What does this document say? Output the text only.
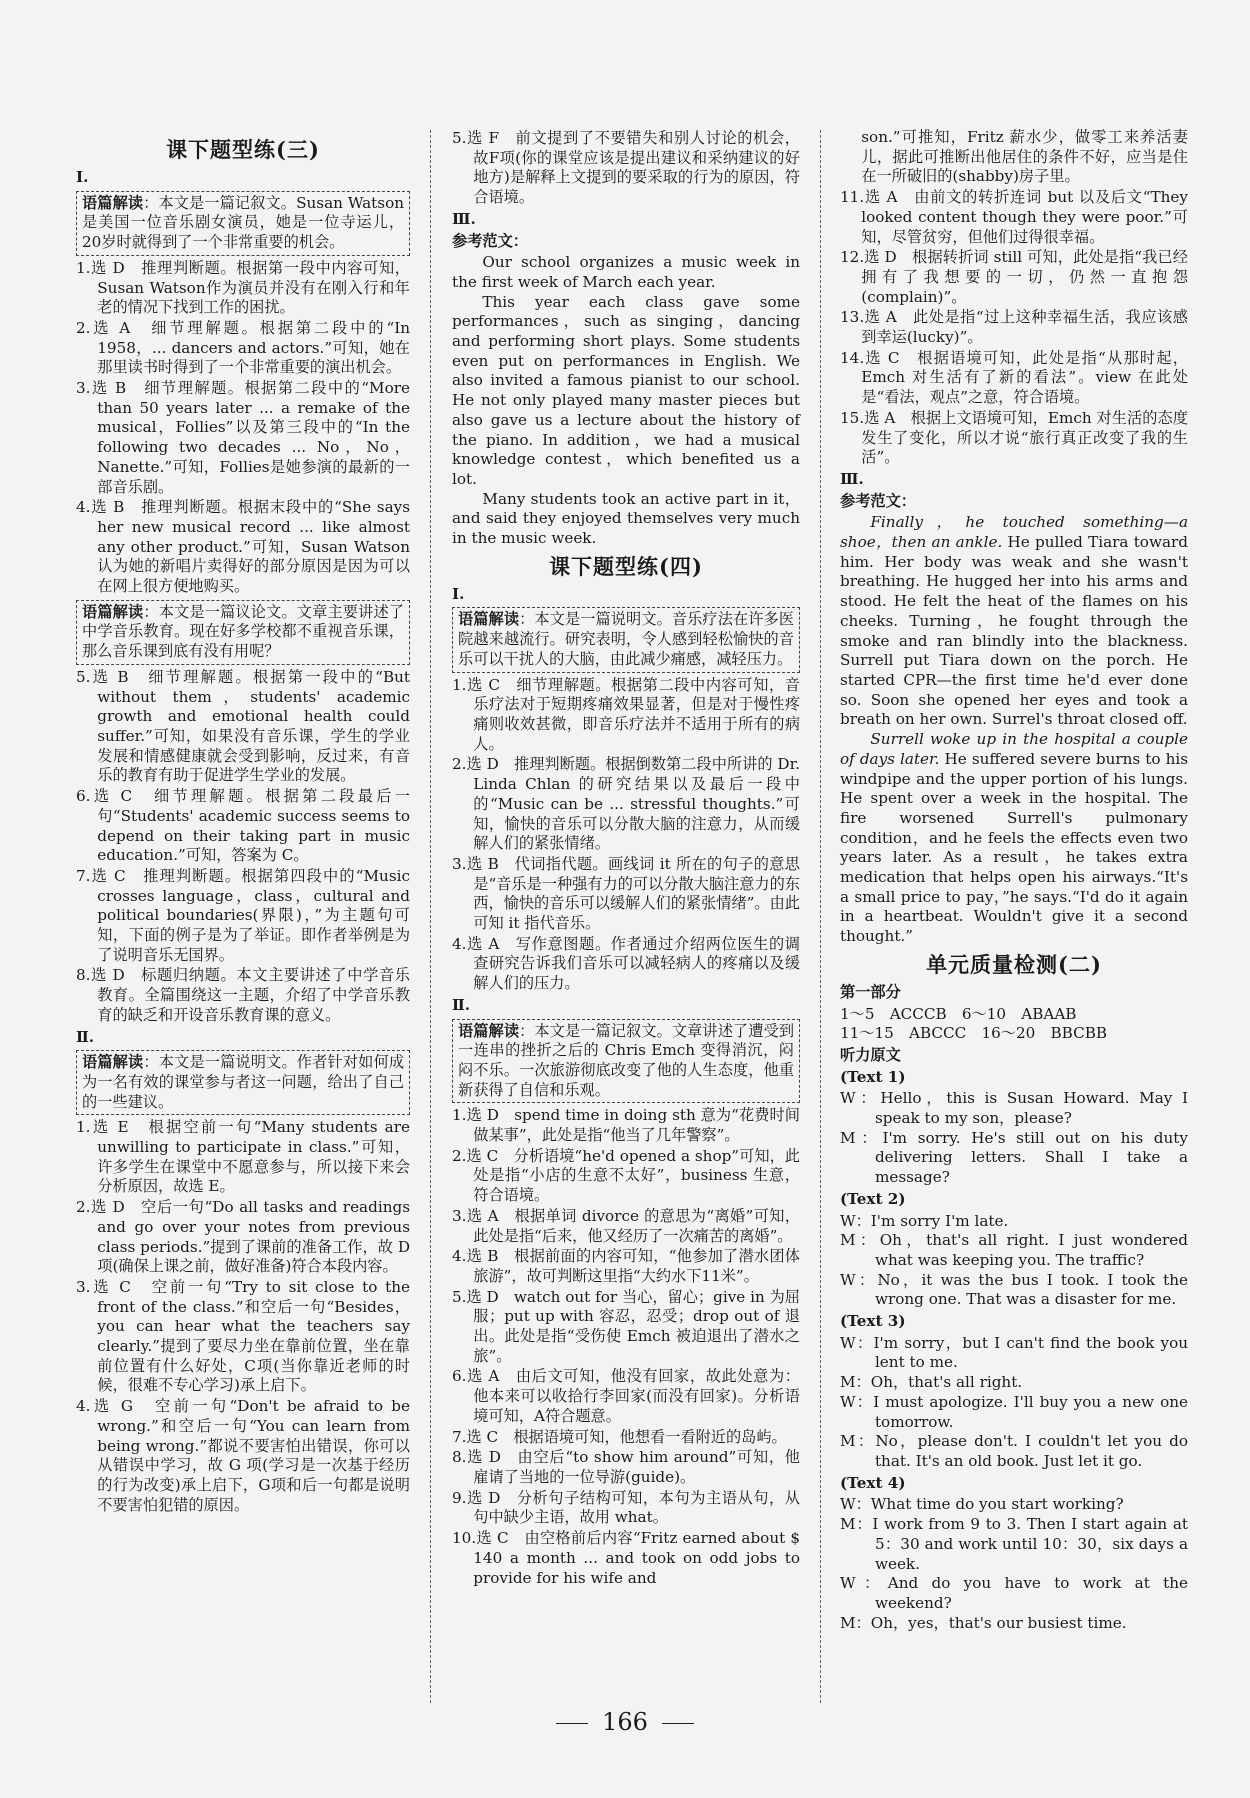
课下题型练(三)

Ⅰ.

语篇解读：本文是一篇记叙文。Susan Watson是美国一位音乐剧女演员，她是一位寺运儿，20岁时就得到了一个非常重要的机会。

1.选 D　推理判断题。根据第一段中内容可知，Susan Watson作为演员并没有在刚入行和年老的情况下找到工作的困扰。

2.选 A　细节理解题。根据第二段中的“In 1958，... dancers and actors.”可知，她在那里读书时得到了一个非常重要的演出机会。

3.选 B　细节理解题。根据第二段中的“More than 50 years later ... a remake of the musical，Follies”以及第三段中的“In the following two decades ... No，No，Nanette.”可知，Follies是她参演的最新的一部音乐剧。

4.选 B　推理判断题。根据末段中的“She says her new musical record ... like almost any other product.”可知，Susan Watson认为她的新唱片卖得好的部分原因是因为可以在网上很方便地购买。

语篇解读：本文是一篇议论文。文章主要讲述了中学音乐教育。现在好多学校都不重视音乐课，那么音乐课到底有没有用呢？

5.选 B　细节理解题。根据第一段中的“But without them，students' academic growth and emotional health could suffer.”可知，如果没有音乐课，学生的学业发展和情感健康就会受到影响，反过来，有音乐的教育有助于促进学生学业的发展。

6.选 C　细节理解题。根据第二段最后一句“Students' academic success seems to depend on their taking part in music education.”可知，答案为 C。

7.选 C　推理判断题。根据第四段中的“Music crosses language，class，cultural and political boundaries(界限)，”为主题句可知，下面的例子是为了举证。即作者举例是为了说明音乐无国界。

8.选 D　标题归纳题。本文主要讲述了中学音乐教育。全篇围绕这一主题，介绍了中学音乐教育的缺乏和开设音乐教育课的意义。

Ⅱ.

语篇解读：本文是一篇说明文。作者针对如何成为一名有效的课堂参与者这一问题，给出了自己的一些建议。

1.选 E　根据空前一句“Many students are unwilling to participate in class.”可知，许多学生在课堂中不愿意参与，所以接下来会分析原因，故选 E。

2.选 D　空后一句“Do all tasks and readings and go over your notes from previous class periods.”提到了课前的准备工作，故 D 项(确保上课之前，做好准备)符合本段内容。

3.选 C　空前一句“Try to sit close to the front of the class.”和空后一句“Besides，you can hear what the teachers say clearly.”提到了要尽力坐在靠前位置，坐在靠前位置有什么好处，C项(当你靠近老师的时候，很难不专心学习)承上启下。

4.选 G　空前一句“Don't be afraid to be wrong.”和空后一句“You can learn from being wrong.”都说不要害怕出错误，你可以从错误中学习，故 G 项(学习是一次基于经历的行为改变)承上启下，G项和后一句都是说明不要害怕犯错的原因。

5.选 F　前文提到了不要错失和别人讨论的机会，故F项(你的课堂应该是提出建议和采纳建议的好地方)是解释上文提到的要采取的行为的原因，符合语境。

Ⅲ.

参考范文：

Our school organizes a music week in the first week of March each year.

This year each class gave some performances，such as singing，dancing and performing short plays. Some students even put on performances in English. We also invited a famous pianist to our school. He not only played many master pieces but also gave us a lecture about the history of the piano. In addition，we had a musical knowledge contest，which benefited us a lot.

Many students took an active part in it，and said they enjoyed themselves very much in the music week.

课下题型练(四)

Ⅰ.

语篇解读：本文是一篇说明文。音乐疗法在许多医院越来越流行。研究表明，令人感到轻松愉快的音乐可以干扰人的大脑，由此减少痛感，减轻压力。

1.选 C　细节理解题。根据第二段中内容可知，音乐疗法对于短期疼痛效果显著，但是对于慢性疼痛则收效甚微，即音乐疗法并不适用于所有的病人。

2.选 D　推理判断题。根据倒数第二段中所讲的 Dr. Linda Chlan 的研究结果以及最后一段中的“Music can be ... stressful thoughts.”可知，愉快的音乐可以分散大脑的注意力，从而缓解人们的紧张情绪。

3.选 B　代词指代题。画线词 it 所在的句子的意思是“音乐是一种强有力的可以分散大脑注意力的东西，愉快的音乐可以缓解人们的紧张情绪”。由此可知 it 指代音乐。

4.选 A　写作意图题。作者通过介绍两位医生的调查研究告诉我们音乐可以减轻病人的疼痛以及缓解人们的压力。

Ⅱ.

语篇解读：本文是一篇记叙文。文章讲述了遭受到一连串的挫折之后的 Chris Emch 变得消沉，闷闷不乐。一次旅游彻底改变了他的人生态度，他重新获得了自信和乐观。

1.选 D　spend time in doing sth 意为“花费时间做某事”，此处是指“他当了几年警察”。

2.选 C　分析语境“he'd opened a shop”可知，此处是指“小店的生意不太好”，business 生意，符合语境。

3.选 A　根据单词 divorce 的意思为“离婚”可知，此处是指“后来，他又经历了一次痛苦的离婚”。

4.选 B　根据前面的内容可知，“他参加了潜水团体旅游”，故可判断这里指“大约水下11米”。

5.选 D　watch out for 当心，留心；give in 为屈服；put up with 容忍，忍受；drop out of 退出。此处是指“受伤使 Emch 被迫退出了潜水之旅”。

6.选 A　由后文可知，他没有回家，故此处意为：他本来可以收拾行李回家(而没有回家)。分析语境可知，A符合题意。

7.选 C　根据语境可知，他想看一看附近的岛屿。

8.选 D　由空后“to show him around”可知，他雇请了当地的一位导游(guide)。

9.选 D　分析句子结构可知，本句为主语从句，从句中缺少主语，故用 what。

10.选 C　由空格前后内容“Fritz earned about $ 140 a month ... and took on odd jobs to provide for his wife and

son.”可推知，Fritz 薪水少，做零工来养活妻儿，据此可推断出他居住的条件不好，应当是住在一所破旧的(shabby)房子里。

11.选 A　由前文的转折连词 but 以及后文“They looked content though they were poor.”可知，尽管贫穷，但他们过得很幸福。

12.选 D　根据转折词 still 可知，此处是指“我已经拥有了我想要的一切，仍然一直抱怨(complain)”。

13.选 A　此处是指“过上这种幸福生活，我应该感到幸运(lucky)”。

14.选 C　根据语境可知，此处是指“从那时起，Emch 对生活有了新的看法”。view 在此处是“看法，观点”之意，符合语境。

15.选 A　根据上文语境可知，Emch 对生活的态度发生了变化，所以才说“旅行真正改变了我的生活”。

Ⅲ.

参考范文：

Finally，he touched something—a shoe，then an ankle. He pulled Tiara toward him. Her body was weak and she wasn't breathing. He hugged her into his arms and stood. He felt the heat of the flames on his cheeks. Turning，he fought through the smoke and ran blindly into the blackness. Surrell put Tiara down on the porch. He started CPR—the first time he'd ever done so. Soon she opened her eyes and took a breath on her own. Surrel's throat closed off.

Surrell woke up in the hospital a couple of days later. He suffered severe burns to his windpipe and the upper portion of his lungs. He spent over a week in the hospital. The fire worsened Surrell's pulmonary condition，and he feels the effects even two years later. As a result，he takes extra medication that helps open his airways.“It's a small price to pay，”he says.“I'd do it again in a heartbeat. Wouldn't give it a second thought.”

单元质量检测(二)

第一部分

1～5　ACCCB　6～10　ABAAB

11～15　ABCCC　16～20　BBCBB

听力原文

(Text 1)

W：Hello，this is Susan Howard. May I speak to my son，please?

M：I'm sorry. He's still out on his duty delivering letters. Shall I take a message?

(Text 2)

W：I'm sorry I'm late.

M：Oh，that's all right. I just wondered what was keeping you. The traffic?

W：No，it was the bus I took. I took the wrong one. That was a disaster for me.

(Text 3)

W：I'm sorry，but I can't find the book you lent to me.

M：Oh，that's all right.

W：I must apologize. I'll buy you a new one tomorrow.

M：No，please don't. I couldn't let you do that. It's an old book. Just let it go.

(Text 4)

W：What time do you start working?

M：I work from 9 to 3. Then I start again at 5：30 and work until 10：30，six days a week.

W：And do you have to work at the weekend?

M：Oh，yes，that's our busiest time.

166
